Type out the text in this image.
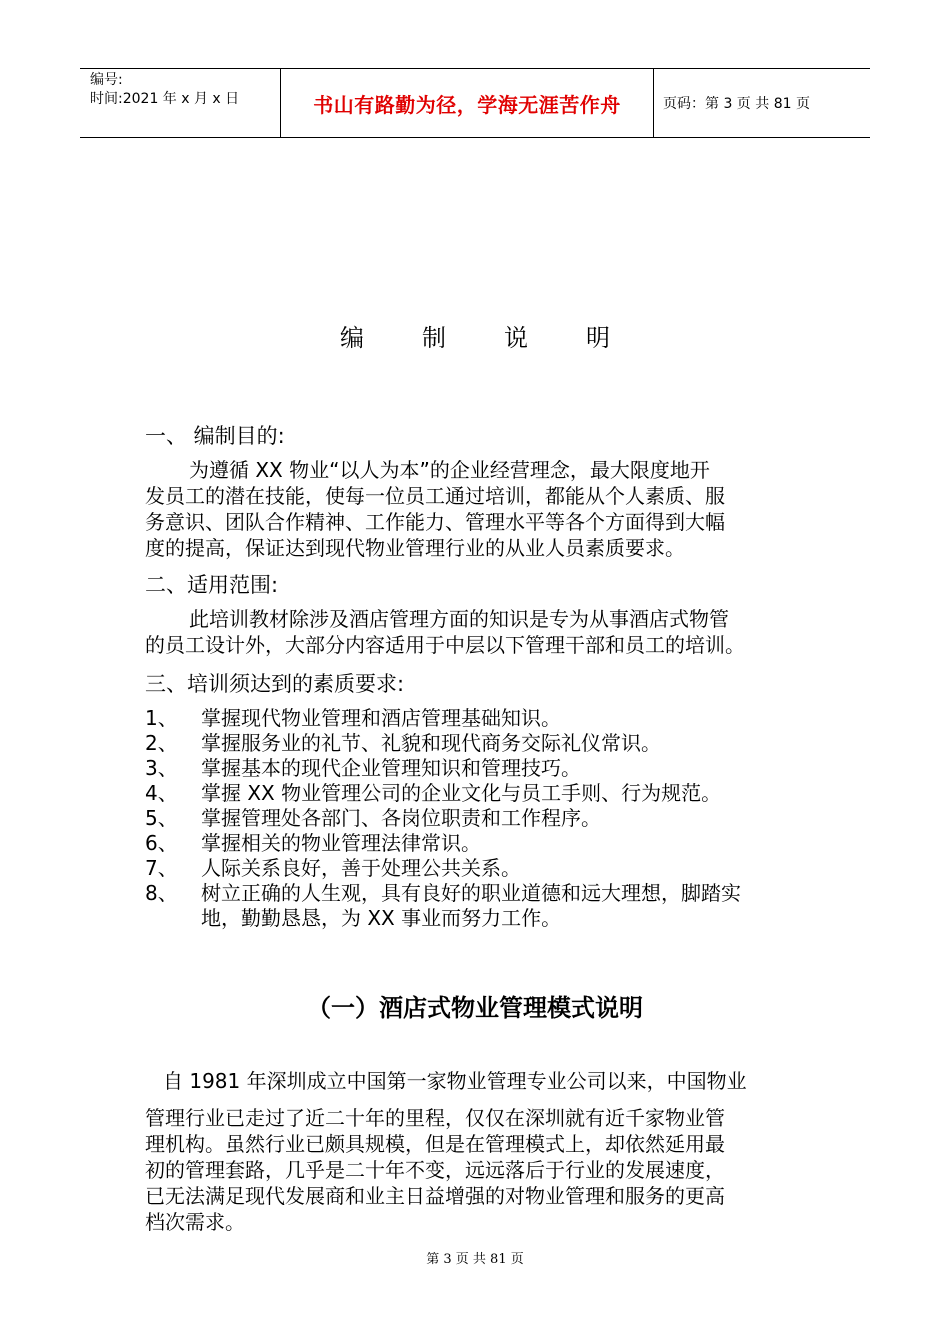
编号:
时间:2021 年 x 月 x 日	书山有路勤为径，学海无涯苦作舟	页码：第 3 页 共 81 页
编制说明
一、 编制目的:
为遵循 XX 物业“以人为本”的企业经营理念，最大限度地开
发员工的潜在技能，使每一位员工通过培训，都能从个人素质、服
务意识、团队合作精神、工作能力、管理水平等各个方面得到大幅
度的提高，保证达到现代物业管理行业的从业人员素质要求。
二、适用范围:
此培训教材除涉及酒店管理方面的知识是专为从事酒店式物管
的员工设计外，大部分内容适用于中层以下管理干部和员工的培训。
三、培训须达到的素质要求:
1、 掌握现代物业管理和酒店管理基础知识。
2、 掌握服务业的礼节、礼貌和现代商务交际礼仪常识。
3、 掌握基本的现代企业管理知识和管理技巧。
4、 掌握 XX 物业管理公司的企业文化与员工手则、行为规范。
5、 掌握管理处各部门、各岗位职责和工作程序。
6、 掌握相关的物业管理法律常识。
7、 人际关系良好，善于处理公共关系。
8、 树立正确的人生观，具有良好的职业道德和远大理想，脚踏实
地，勤勤恳恳，为 XX 事业而努力工作。
（一）酒店式物业管理模式说明
自 1981 年深圳成立中国第一家物业管理专业公司以来，中国物业
管理行业已走过了近二十年的里程，仅仅在深圳就有近千家物业管
理机构。虽然行业已颇具规模，但是在管理模式上，却依然延用最
初的管理套路，几乎是二十年不变，远远落后于行业的发展速度，
已无法满足现代发展商和业主日益增强的对物业管理和服务的更高
档次需求。
第 3 页 共 81 页
